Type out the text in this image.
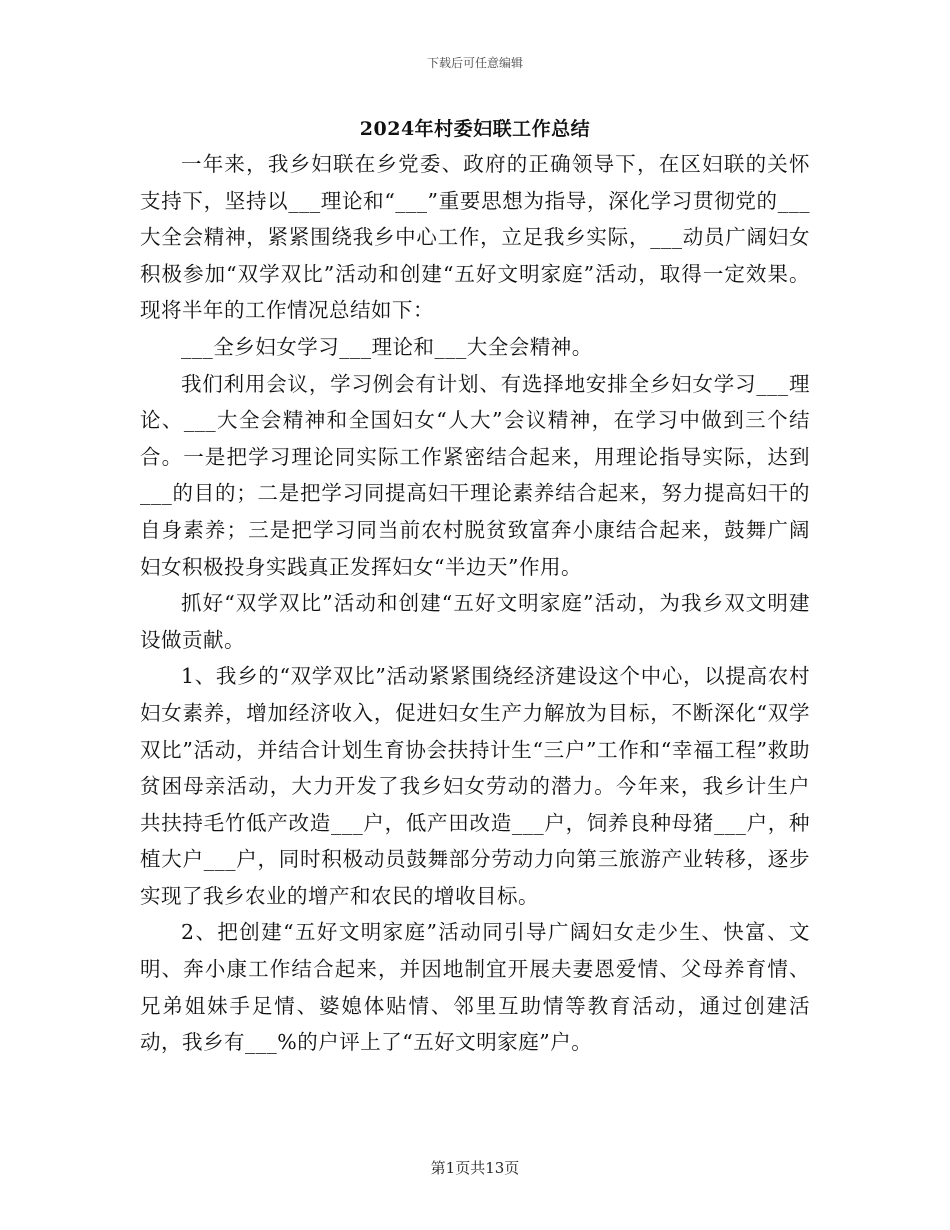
下载后可任意编辑
2024年村委妇联工作总结

一年来，我乡妇联在乡党委、政府的正确领导下，在区妇联的关怀支持下，坚持以___理论和“___”重要思想为指导，深化学习贯彻党的___大全会精神，紧紧围绕我乡中心工作，立足我乡实际，___动员广阔妇女积极参加“双学双比”活动和创建“五好文明家庭”活动，取得一定效果。现将半年的工作情况总结如下：

___全乡妇女学习___理论和___大全会精神。

我们利用会议，学习例会有计划、有选择地安排全乡妇女学习___理论、___大全会精神和全国妇女“人大”会议精神，在学习中做到三个结合。一是把学习理论同实际工作紧密结合起来，用理论指导实际，达到___的目的；二是把学习同提高妇干理论素养结合起来，努力提高妇干的自身素养；三是把学习同当前农村脱贫致富奔小康结合起来，鼓舞广阔妇女积极投身实践真正发挥妇女“半边天”作用。

抓好“双学双比”活动和创建“五好文明家庭”活动，为我乡双文明建设做贡献。

1、我乡的“双学双比”活动紧紧围绕经济建设这个中心，以提高农村妇女素养，增加经济收入，促进妇女生产力解放为目标，不断深化“双学双比”活动，并结合计划生育协会扶持计生“三户”工作和“幸福工程”救助贫困母亲活动，大力开发了我乡妇女劳动的潜力。今年来，我乡计生户共扶持毛竹低产改造___户，低产田改造___户，饲养良种母猪___户，种植大户___户，同时积极动员鼓舞部分劳动力向第三旅游产业转移，逐步实现了我乡农业的增产和农民的增收目标。

2、把创建“五好文明家庭”活动同引导广阔妇女走少生、快富、文明、奔小康工作结合起来，并因地制宜开展夫妻恩爱情、父母养育情、兄弟姐妹手足情、婆媳体贴情、邻里互助情等教育活动，通过创建活动，我乡有___%的户评上了“五好文明家庭”户。

第1页共13页
